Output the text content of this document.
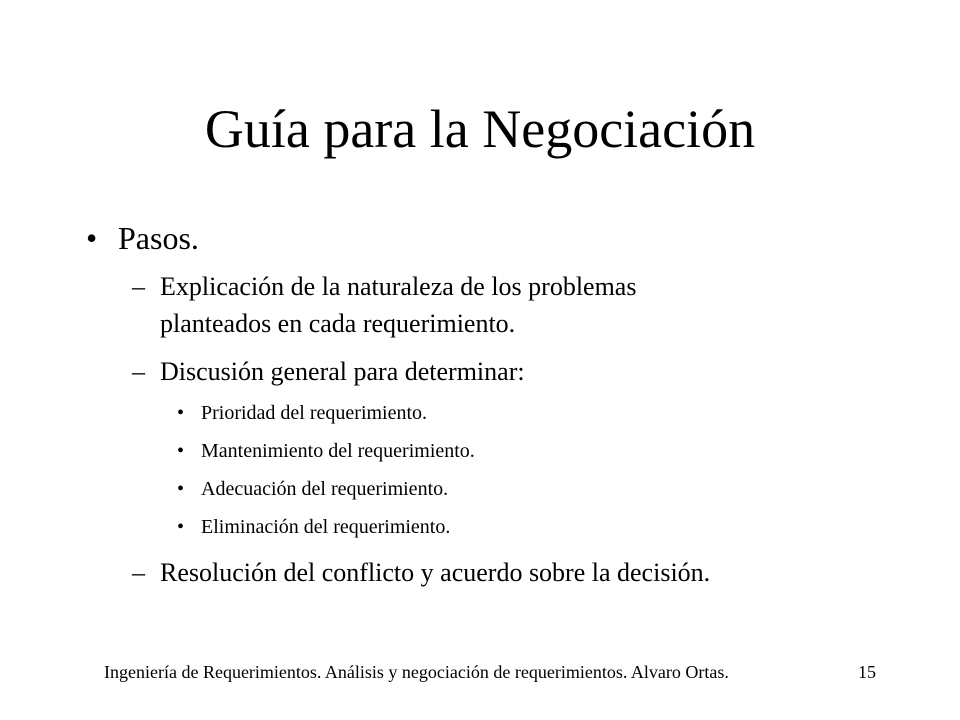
Guía para la Negociación
• Pasos.
– Explicación de la naturaleza de los problemas
planteados en cada requerimiento.
– Discusión general para determinar:
• Prioridad del requerimiento.
• Mantenimiento del requerimiento.
• Adecuación del requerimiento.
• Eliminación del requerimiento.
– Resolución del conflicto y acuerdo sobre la decisión.
Ingeniería de Requerimientos. Análisis y negociación de requerimientos. Alvaro Ortas.	15
